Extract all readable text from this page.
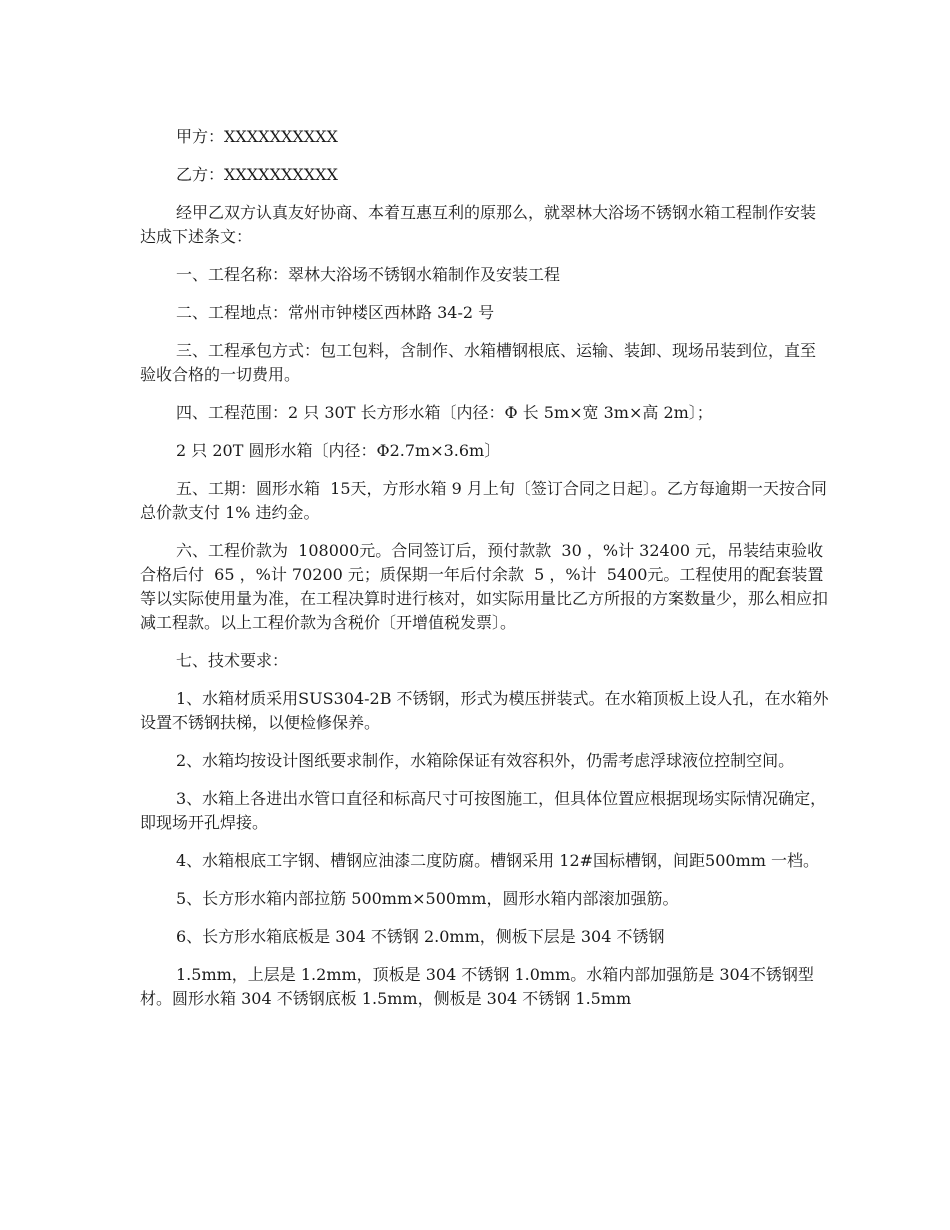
甲方：XXXXXXXXXX

乙方：XXXXXXXXXX

经甲乙双方认真友好协商、本着互惠互利的原那么，就翠林大浴场不锈钢水箱工程制作安装达成下述条文：

一、工程名称：翠林大浴场不锈钢水箱制作及安装工程

二、工程地点：常州市钟楼区西林路 34-2 号

三、工程承包方式：包工包料，含制作、水箱槽钢根底、运输、装卸、现场吊装到位，直至验收合格的一切费用。

四、工程范围：2 只 30T 长方形水箱〔内径：Φ 长 5m×宽 3m×高 2m〕；

2 只 20T 圆形水箱〔内径：Φ2.7m×3.6m〕

五、工期：圆形水箱  15天，方形水箱 9 月上旬〔签订合同之日起〕。乙方每逾期一天按合同总价款支付 1% 违约金。

六、工程价款为  108000元。合同签订后，预付款款  30 ，%计 32400 元，吊装结束验收合格后付  65 ，%计 70200 元；质保期一年后付余款  5 ，%计  5400元。工程使用的配套装置等以实际使用量为准，在工程决算时进行核对，如实际用量比乙方所报的方案数量少，那么相应扣减工程款。以上工程价款为含税价〔开增值税发票〕。

七、技术要求：

1、水箱材质采用SUS304-2B 不锈钢，形式为模压拼装式。在水箱顶板上设人孔，在水箱外设置不锈钢扶梯，以便检修保养。

2、水箱均按设计图纸要求制作，水箱除保证有效容积外，仍需考虑浮球液位控制空间。

3、水箱上各进出水管口直径和标高尺寸可按图施工，但具体位置应根据现场实际情况确定，即现场开孔焊接。

4、水箱根底工字钢、槽钢应油漆二度防腐。槽钢采用 12#国标槽钢，间距500mm 一档。

5、长方形水箱内部拉筋 500mm×500mm，圆形水箱内部滚加强筋。

6、长方形水箱底板是 304 不锈钢 2.0mm，侧板下层是 304 不锈钢

1.5mm，上层是 1.2mm，顶板是 304 不锈钢 1.0mm。水箱内部加强筋是 304不锈钢型材。圆形水箱 304 不锈钢底板 1.5mm，侧板是 304 不锈钢 1.5mm
